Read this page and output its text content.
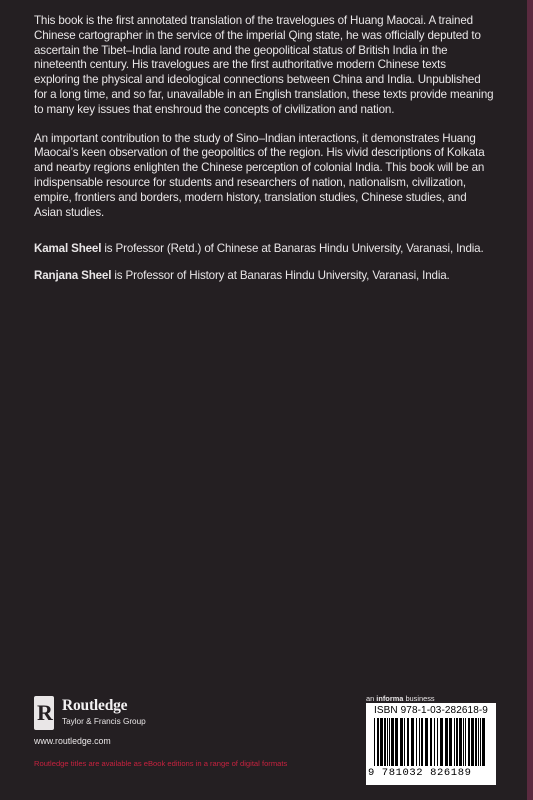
This book is the first annotated translation of the travelogues of Huang Maocai. A trained Chinese cartographer in the service of the imperial Qing state, he was officially deputed to ascertain the Tibet–India land route and the geopolitical status of British India in the nineteenth century. His travelogues are the first authoritative modern Chinese texts exploring the physical and ideological connections between China and India. Unpublished for a long time, and so far, unavailable in an English translation, these texts provide meaning to many key issues that enshroud the concepts of civilization and nation.

An important contribution to the study of Sino–Indian interactions, it demonstrates Huang Maocai’s keen observation of the geopolitics of the region. His vivid descriptions of Kolkata and nearby regions enlighten the Chinese perception of colonial India. This book will be an indispensable resource for students and researchers of nation, nationalism, civilization, empire, frontiers and borders, modern history, translation studies, Chinese studies, and Asian studies.

Kamal Sheel is Professor (Retd.) of Chinese at Banaras Hindu University, Varanasi, India.

Ranjana Sheel is Professor of History at Banaras Hindu University, Varanasi, India.

R Routledge
Taylor & Francis Group
www.routledge.com
Routledge titles are available as eBook editions in a range of digital formats
an informa business
ISBN 978-1-03-282618-9
9 781032 826189
